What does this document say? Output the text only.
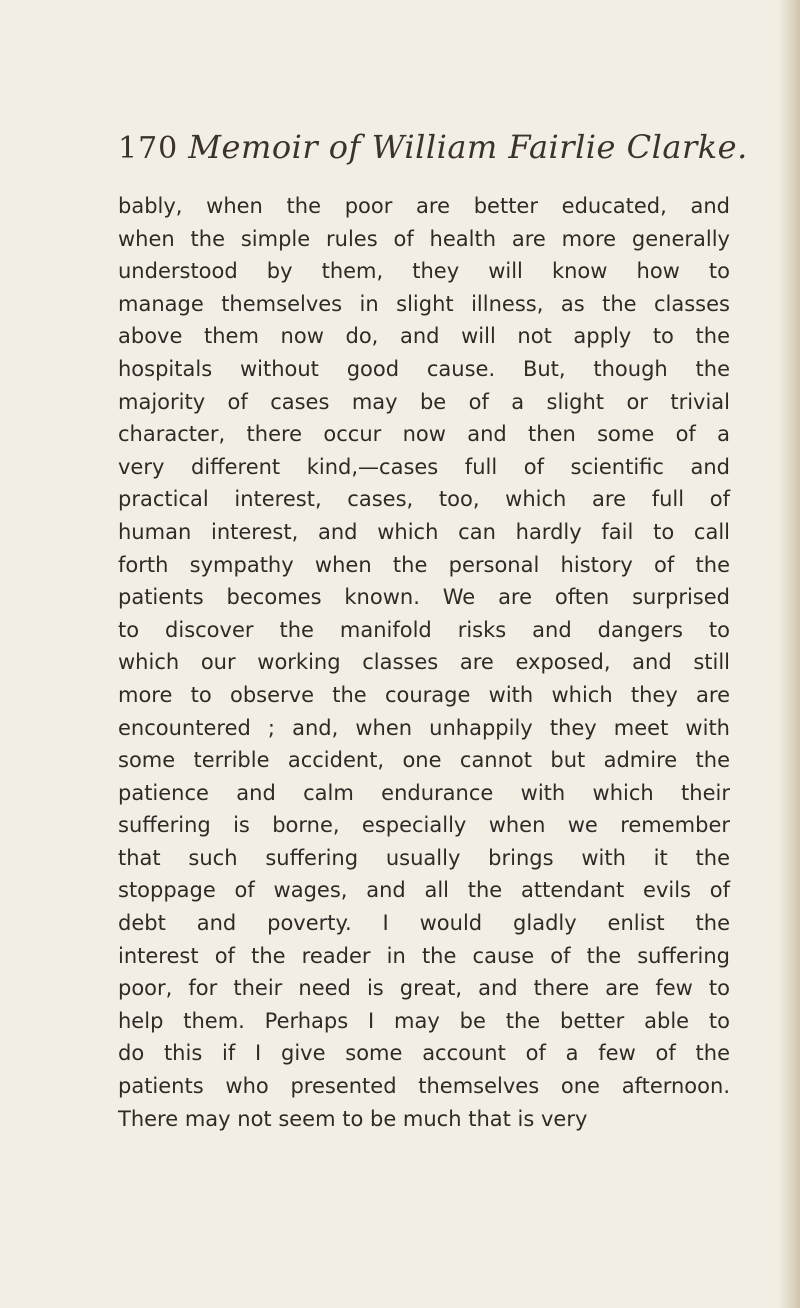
170 Memoir of William Fairlie Clarke.
bably, when the poor are better educated, and
when the simple rules of health are more generally
understood by them, they will know how to
manage themselves in slight illness, as the classes
above them now do, and will not apply to the
hospitals without good cause. But, though the
majority of cases may be of a slight or trivial
character, there occur now and then some of a
very different kind,—cases full of scientific and
practical interest, cases, too, which are full of
human interest, and which can hardly fail to call
forth sympathy when the personal history of the
patients becomes known. We are often surprised
to discover the manifold risks and dangers to
which our working classes are exposed, and still
more to observe the courage with which they are
encountered ; and, when unhappily they meet with
some terrible accident, one cannot but admire the
patience and calm endurance with which their
suffering is borne, especially when we remember
that such suffering usually brings with it the
stoppage of wages, and all the attendant evils of
debt and poverty. I would gladly enlist the
interest of the reader in the cause of the suffering
poor, for their need is great, and there are few to
help them. Perhaps I may be the better able to
do this if I give some account of a few of the
patients who presented themselves one afternoon.
There may not seem to be much that is very
